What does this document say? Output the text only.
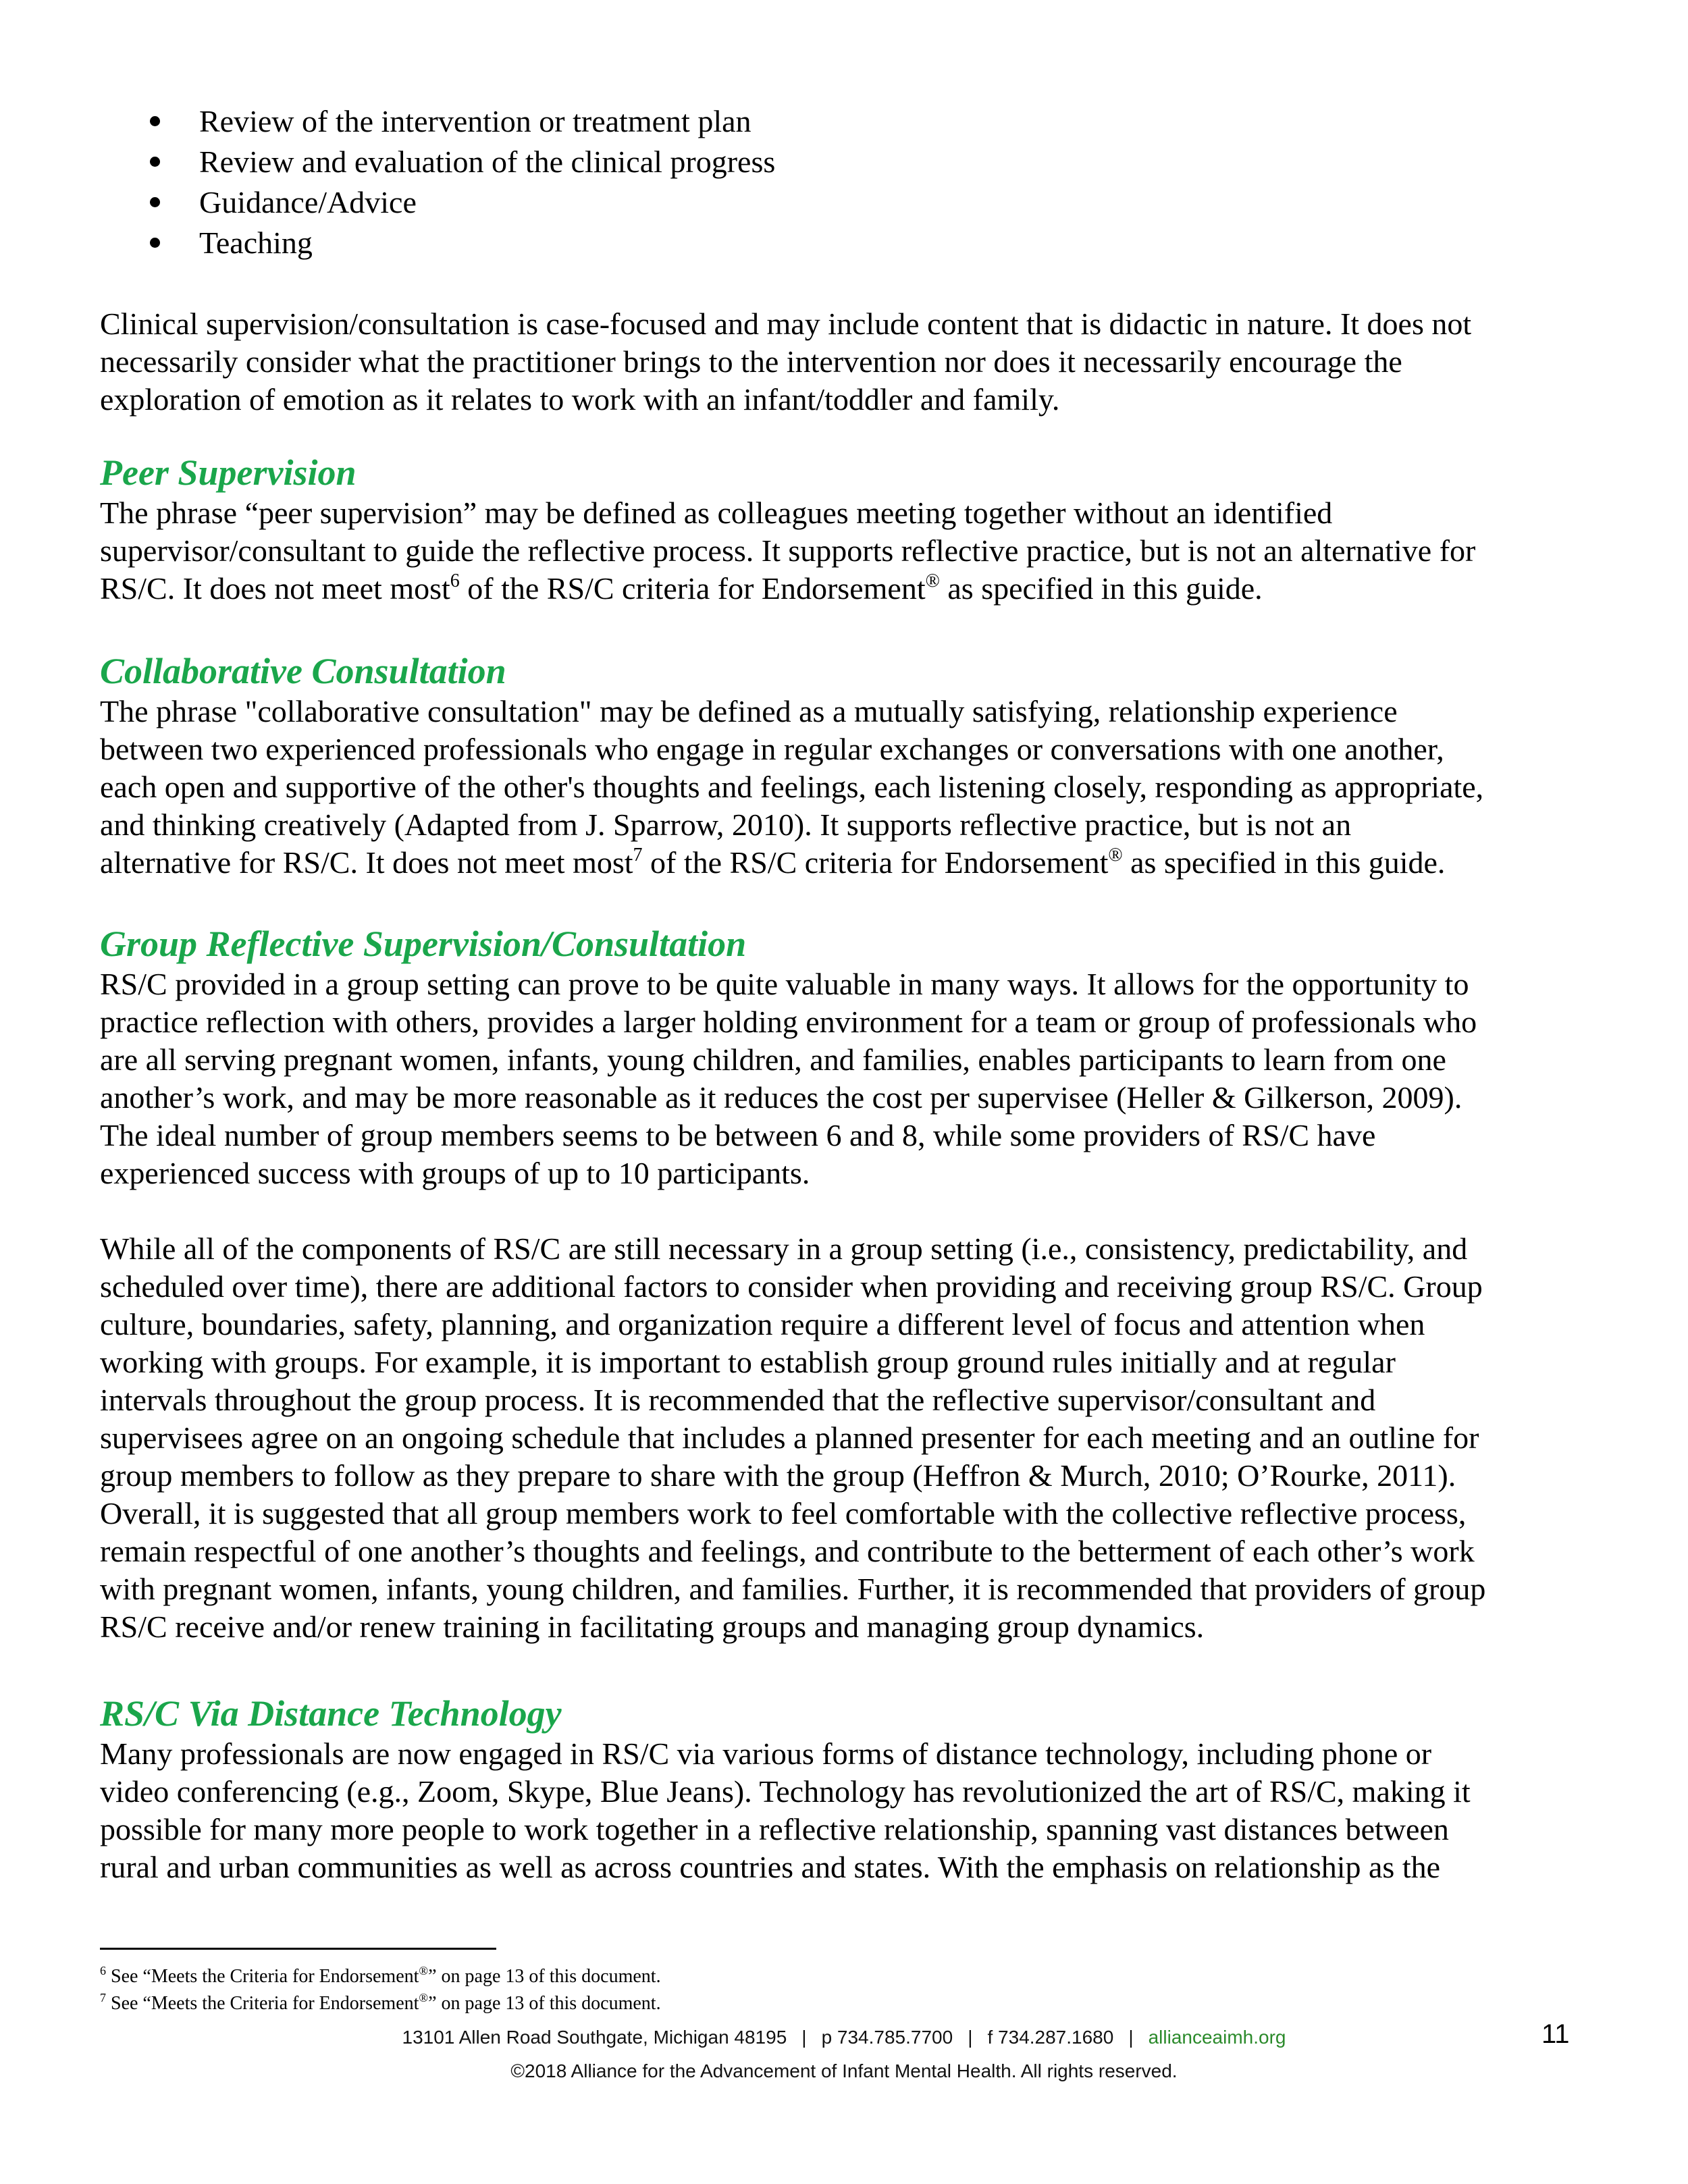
Review of the intervention or treatment plan
Review and evaluation of the clinical progress
Guidance/Advice
Teaching

Clinical supervision/consultation is case-focused and may include content that is didactic in nature. It does not

necessarily consider what the practitioner brings to the intervention nor does it necessarily encourage the

exploration of emotion as it relates to work with an infant/toddler and family.

Peer Supervision

The phrase “peer supervision” may be defined as colleagues meeting together without an identified

supervisor/consultant to guide the reflective process. It supports reflective practice, but is not an alternative for

RS/C. It does not meet most$^6$ of the RS/C criteria for Endorsement® as specified in this guide.

Collaborative Consultation

The phrase "collaborative consultation" may be defined as a mutually satisfying, relationship experience

between two experienced professionals who engage in regular exchanges or conversations with one another,

each open and supportive of the other's thoughts and feelings, each listening closely, responding as appropriate,

and thinking creatively (Adapted from J. Sparrow, 2010). It supports reflective practice, but is not an

alternative for RS/C. It does not meet most$^7$ of the RS/C criteria for Endorsement® as specified in this guide.

Group Reflective Supervision/Consultation

RS/C provided in a group setting can prove to be quite valuable in many ways. It allows for the opportunity to

practice reflection with others, provides a larger holding environment for a team or group of professionals who

are all serving pregnant women, infants, young children, and families, enables participants to learn from one

another’s work, and may be more reasonable as it reduces the cost per supervisee (Heller & Gilkerson, 2009).

The ideal number of group members seems to be between 6 and 8, while some providers of RS/C have

experienced success with groups of up to 10 participants.

While all of the components of RS/C are still necessary in a group setting (i.e., consistency, predictability, and

scheduled over time), there are additional factors to consider when providing and receiving group RS/C. Group

culture, boundaries, safety, planning, and organization require a different level of focus and attention when

working with groups. For example, it is important to establish group ground rules initially and at regular

intervals throughout the group process. It is recommended that the reflective supervisor/consultant and

supervisees agree on an ongoing schedule that includes a planned presenter for each meeting and an outline for

group members to follow as they prepare to share with the group (Heffron & Murch, 2010; O’Rourke, 2011).

Overall, it is suggested that all group members work to feel comfortable with the collective reflective process,

remain respectful of one another’s thoughts and feelings, and contribute to the betterment of each other’s work

with pregnant women, infants, young children, and families. Further, it is recommended that providers of group

RS/C receive and/or renew training in facilitating groups and managing group dynamics.

RS/C Via Distance Technology

Many professionals are now engaged in RS/C via various forms of distance technology, including phone or

video conferencing (e.g., Zoom, Skype, Blue Jeans). Technology has revolutionized the art of RS/C, making it

possible for many more people to work together in a reflective relationship, spanning vast distances between

rural and urban communities as well as across countries and states. With the emphasis on relationship as the

$^6$ See “Meets the Criteria for Endorsement®” on page 13 of this document.

$^7$ See “Meets the Criteria for Endorsement®” on page 13 of this document.

13101 Allen Road Southgate, Michigan 48195 | p 734.785.7700 | f 734.287.1680 | allianceaimh.org
©2018 Alliance for the Advancement of Infant Mental Health. All rights reserved.
11
